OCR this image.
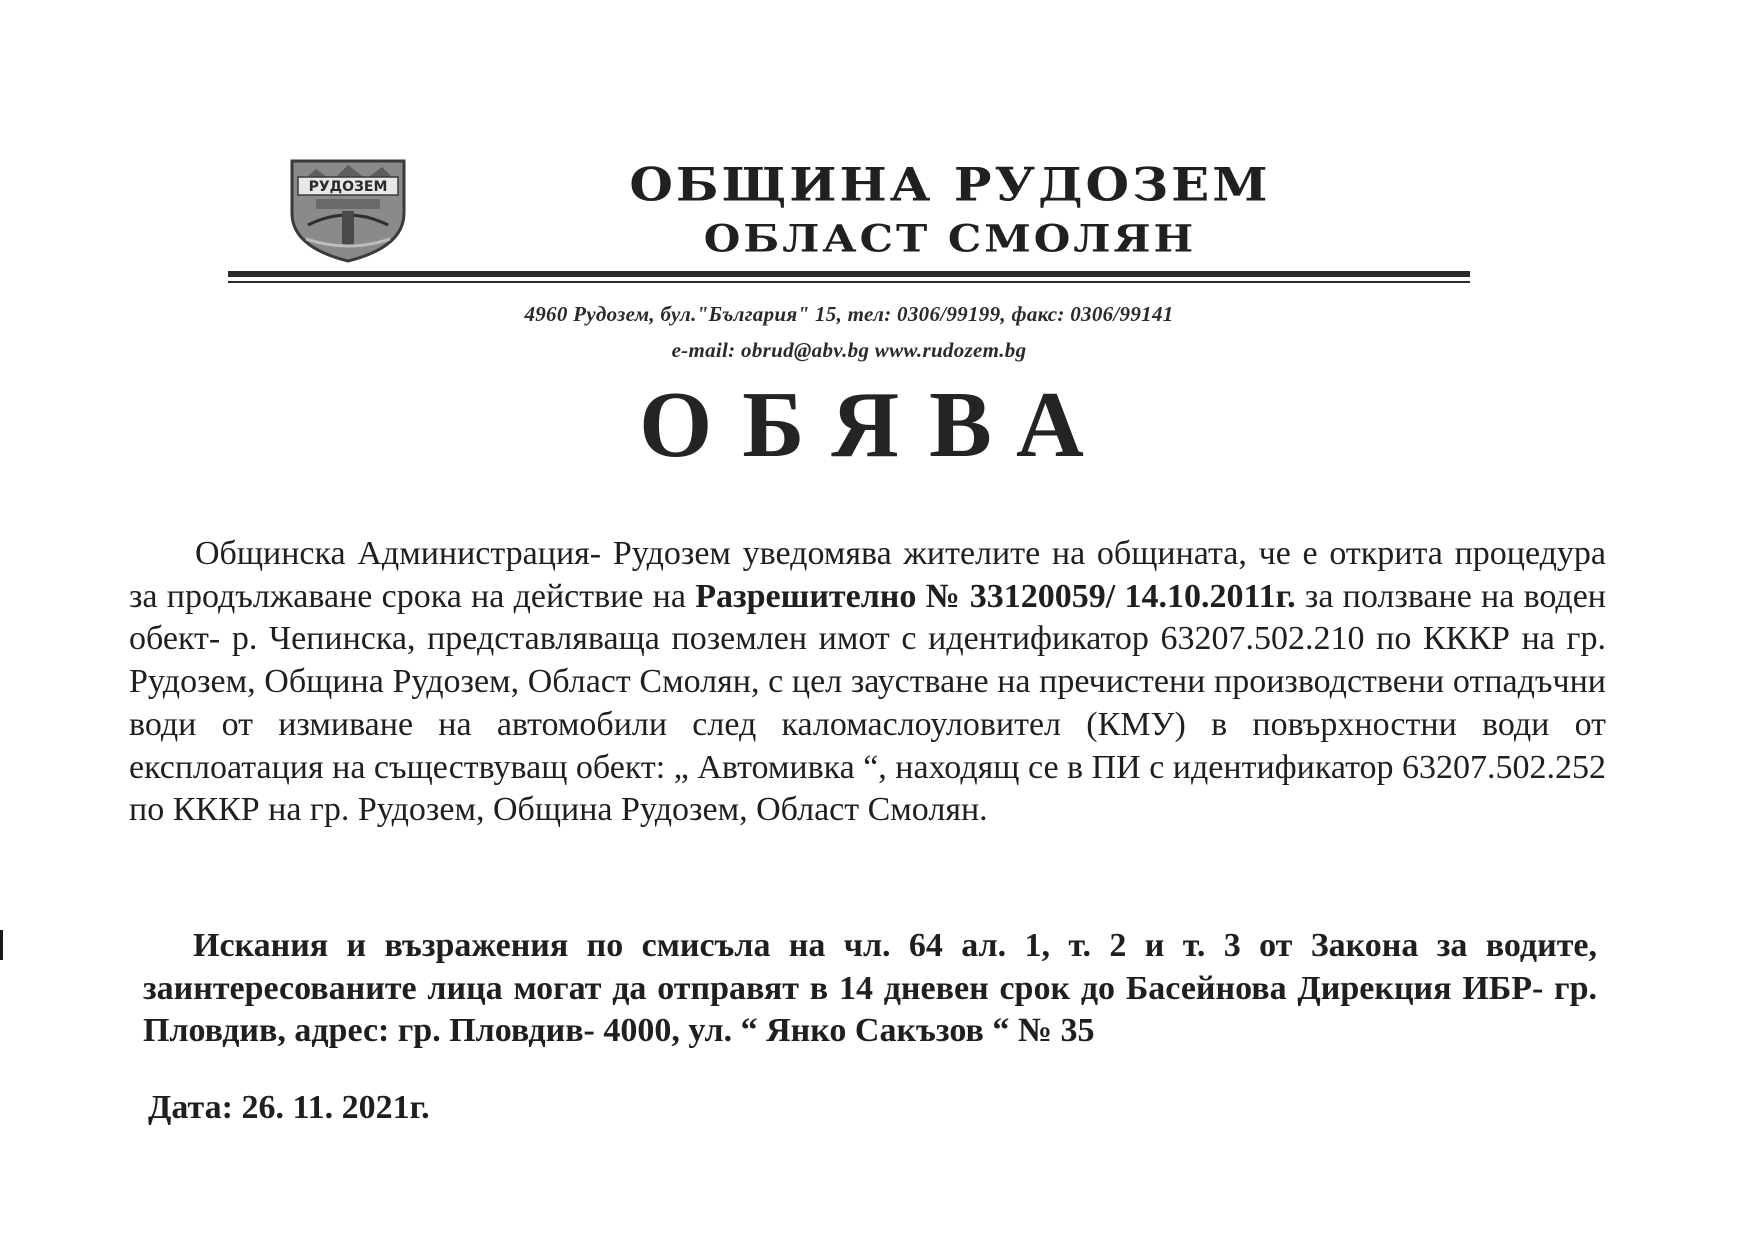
РУДОЗЕМ	ОБЩИНА РУДОЗЕМ
ОБЛАСТ СМОЛЯН
4960 Рудозем, бул."България" 15, тел: 0306/99199, факс: 0306/99141
e-mail: obrud@abv.bg www.rudozem.bg
ОБЯВА

Общинска Администрация- Рудозем уведомява жителите на общината, че е открита процедура за продължаване срока на действие на Разрешително № 33120059/ 14.10.2011г. за ползване на воден обект- р. Чепинска, представляваща поземлен имот с идентификатор 63207.502.210 по КККР на гр. Рудозем, Община Рудозем, Област Смолян, с цел заустване на пречистени производствени отпадъчни води от измиване на автомобили след каломаслоуловител (КМУ) в повърхностни води от експлоатация на съществуващ обект: „ Автомивка “, находящ се в ПИ с идентификатор 63207.502.252 по КККР на гр. Рудозем, Община Рудозем, Област Смолян.

Искания и възражения по смисъла на чл. 64 ал. 1, т. 2 и т. 3 от Закона за водите, заинтересованите лица могат да отправят в 14 дневен срок до Басейнова Дирекция ИБР- гр. Пловдив, адрес: гр. Пловдив- 4000, ул. “ Янко Сакъзов “ № 35

Дата: 26. 11. 2021г.
